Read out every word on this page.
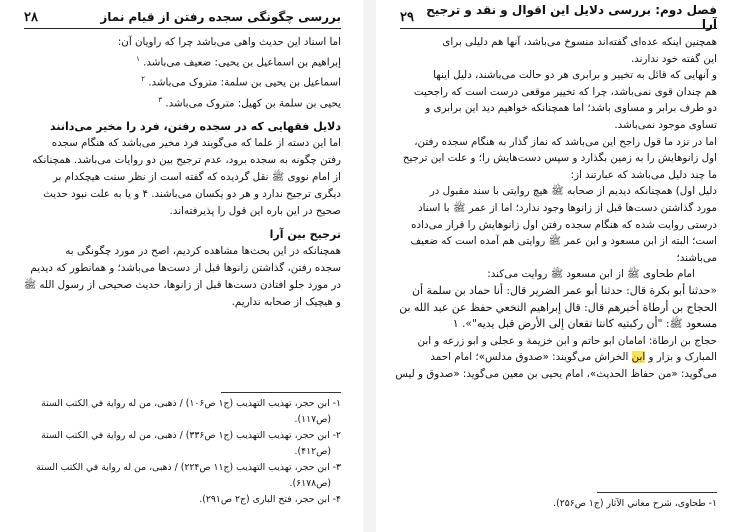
بررسی چگونگی سجده رفتن از قیام نماز
۲۸
اما اسناد این حدیث واهی می‌باشد چرا که راویان آن:
إبراهیم بن اسماعیل بن یحیی: ضعیف می‌باشد. $^۱$
اسماعیل بن یحیی بن سلمة: متروک می‌باشد. $^۲$
یحیی بن سلمة بن کهیل: متروک می‌باشد. $^۳$
دلایل فقهایی که در سجده رفتن، فرد را مخیر می‌دانند
اما این دسته از علما که می‌گویند فرد مخیر می‌باشد که هنگام سجده
رفتن چگونه به سجده برود، عدم ترجیح بین دو روایات می‌باشد. همچنانکه
از امام نووی ﷺ نقل گردیده که گفته است از نظر سنت هیچکدام بر
دیگری ترجیح ندارد و هر دو یکسان می‌باشند. ۴ و یا به علت نبود حدیث
صحیح در این باره این قول را پذیرفته‌اند.
ترجیح بین آرا
همچنانکه در این بحث‌ها مشاهده کردیم، اصح در مورد چگونگی به
سجده رفتن، گذاشتن زانوها قبل از دست‌ها می‌باشد؛ و همانطور که دیدیم
در مورد جلو افتادن دست‌ها قبل از زانوها، حدیث صحیحی از رسول الله ﷺ
و هیچیک از صحابه نداریم.
۱- ابن حجر، تهذیب التهذیب (ج۱ ص۱۰۶) / ذهبی، من له روایة في الكتب الستة
(ص۱۱۷).
۲- ابن حجر، تهذیب التهذیب (ج۱ ص۳۳۶) / ذهبی، من له روایة في الكتب الستة
(ص۴۱۲).
۳- ابن حجر، تهذیب التهذیب (ج۱۱ ص۲۲۴) / ذهبی، من له روایة في الكتب الستة
(ص۶۱۷۸).
۴- ابن حجر، فتح الباری (ج۲ ص۲۹۱).
فصل دوم: بررسی دلایل این اقوال و نقد و ترجیح آرا
۲۹
همچنین اینکه عده‌ای گفته‌اند منسوخ می‌باشد، آنها هم دلیلی برای
این گفته خود ندارند.
و آنهایی که قائل به تخییر و برابری هر دو حالت می‌باشند، دلیل اینها
هم چندان قوی نمی‌باشد، چرا که تخییر موقعی درست است که راجحیت
دو طرف برابر و مساوی باشد؛ اما همچنانکه خواهیم دید این برابری و
تساوی موجود نمی‌باشد.
اما در نزد ما قول راجح این می‌باشد که نماز گذار به هنگام سجده رفتن،
اول زانوهایش را به زمین بگذارد و سپس دست‌هایش را؛ و علت این ترجیح
ما چند دلیل می‌باشد که عبارتند از:
دلیل اول) همچنانکه دیدیم از صحابه ﷺ هیچ روایتی با سند مقبول در
مورد گذاشتن دست‌ها قبل از زانوها وجود ندارد؛ اما از عمر ﷺ با اسناد
درستی روایت شده که هنگام سجده رفتن اول زانوهایش را قرار می‌داده
است؛ البته از ابن مسعود و ابن عمر ﷺ روایتی هم آمده است که ضعیف
می‌باشند؛
امام طحاوی ﷺ از ابن مسعود ﷺ روایت می‌کند:
«حدثنا أبو بكرة قال: حدثنا أبو عمر الضرير قال: أنا حماد بن سلمة أن
الحجاج بن أرطاة أخبرهم قال: قال إبراهيم النخعي حفظ عن عبد الله بن
مسعود ﷺ: "أن ركبتيه كانتا تقعان إلى الأرض قبل يديه"». ۱
حجاج بن ارطاة: امامان ابو حاتم و ابن خزیمة و عجلی و ابو زرعه و ابن
المبارک و بزار و ابن الخراش می‌گویند: «صدوق مدلس»؛ امام احمد
می‌گوید: «من حفاظ الحدیث»، امام یحیی بن معین می‌گوید: «صدوق و لیس
۱- طحاوی، شرح معاني الآثار (ج۱ ص۲۵۶).
